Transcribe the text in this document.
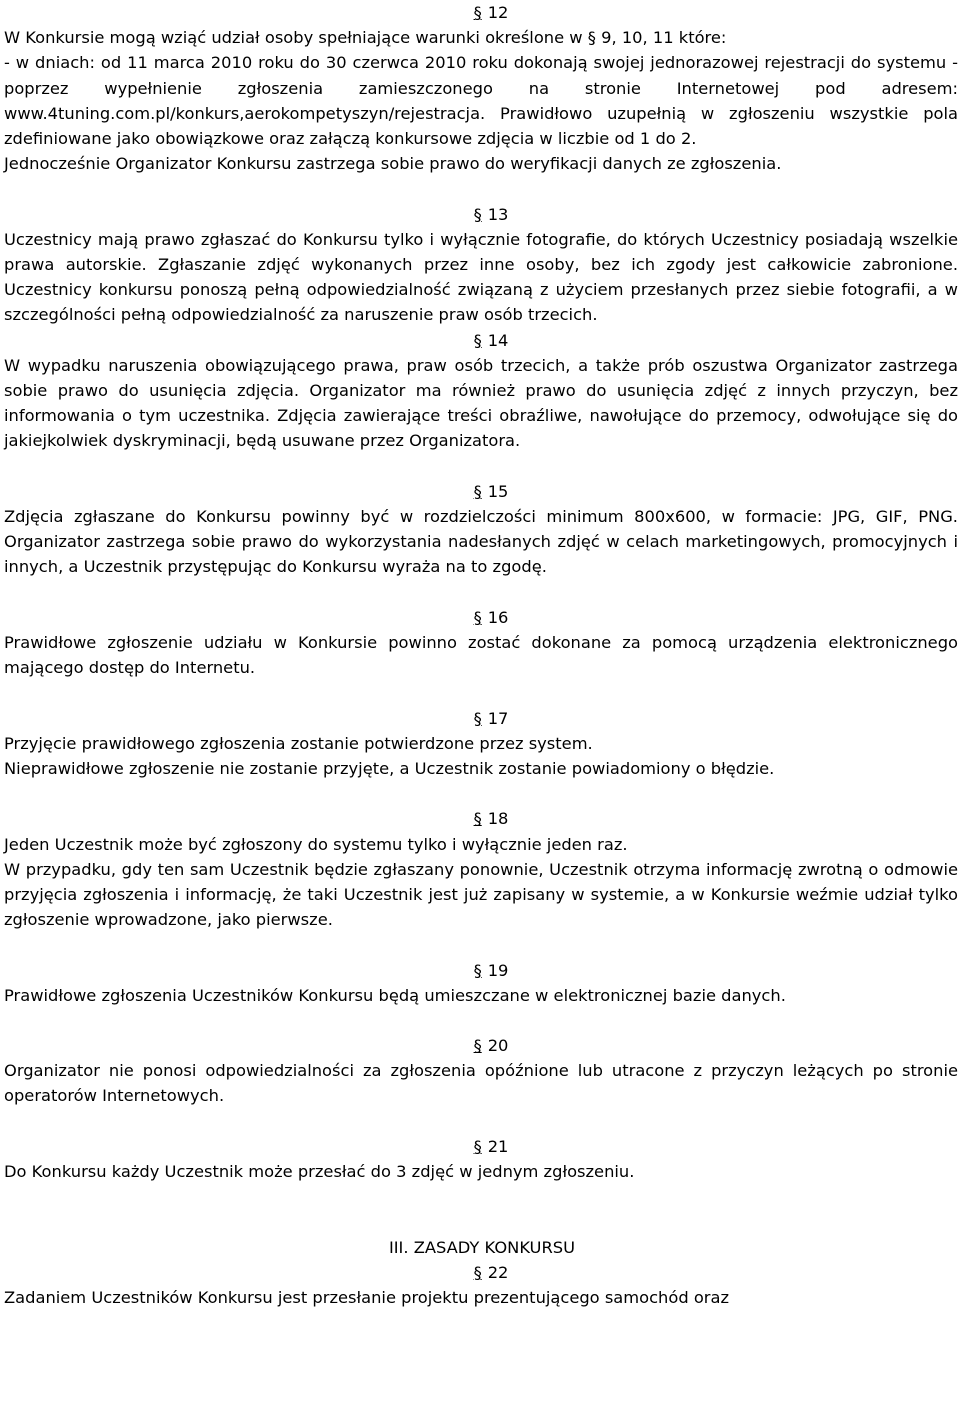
§ 12

W Konkursie mogą wziąć udział osoby spełniające warunki określone w § 9, 10, 11 które:

- w dniach: od 11 marca 2010 roku do 30 czerwca 2010 roku dokonają swojej jednorazowej rejestracji do systemu - poprzez wypełnienie zgłoszenia zamieszczonego na stronie Internetowej pod adresem: www.4tuning.com.pl/konkurs,aerokompetyszyn/rejestracja. Prawidłowo uzupełnią w zgłoszeniu wszystkie pola zdefiniowane jako obowiązkowe oraz załączą konkursowe zdjęcia w liczbie od 1 do 2.

Jednocześnie Organizator Konkursu zastrzega sobie prawo do weryfikacji danych ze zgłoszenia.

§ 13

Uczestnicy mają prawo zgłaszać do Konkursu tylko i wyłącznie fotografie, do których Uczestnicy posiadają wszelkie prawa autorskie. Zgłaszanie zdjęć wykonanych przez inne osoby, bez ich zgody jest całkowicie zabronione. Uczestnicy konkursu ponoszą pełną odpowiedzialność związaną z użyciem przesłanych przez siebie fotografii, a w szczególności pełną odpowiedzialność za naruszenie praw osób trzecich.

§ 14

W wypadku naruszenia obowiązującego prawa, praw osób trzecich, a także prób oszustwa Organizator zastrzega sobie prawo do usunięcia zdjęcia. Organizator ma również prawo do usunięcia zdjęć z innych przyczyn, bez informowania o tym uczestnika. Zdjęcia zawierające treści obraźliwe, nawołujące do przemocy, odwołujące się do jakiejkolwiek dyskryminacji, będą usuwane przez Organizatora.

§ 15

Zdjęcia zgłaszane do Konkursu powinny być w rozdzielczości minimum 800x600, w formacie: JPG, GIF, PNG. Organizator zastrzega sobie prawo do wykorzystania nadesłanych zdjęć w celach marketingowych, promocyjnych i innych, a Uczestnik przystępując do Konkursu wyraża na to zgodę.

§ 16

Prawidłowe zgłoszenie udziału w Konkursie powinno zostać dokonane za pomocą urządzenia elektronicznego mającego dostęp do Internetu.

§ 17

Przyjęcie prawidłowego zgłoszenia zostanie potwierdzone przez system.

Nieprawidłowe zgłoszenie nie zostanie przyjęte, a Uczestnik zostanie powiadomiony o błędzie.

§ 18

Jeden Uczestnik może być zgłoszony do systemu tylko i wyłącznie jeden raz.

W przypadku, gdy ten sam Uczestnik będzie zgłaszany ponownie, Uczestnik otrzyma informację zwrotną o odmowie przyjęcia zgłoszenia i informację, że taki Uczestnik jest już zapisany w systemie, a w Konkursie weźmie udział tylko zgłoszenie wprowadzone, jako pierwsze.

§ 19

Prawidłowe zgłoszenia Uczestników Konkursu będą umieszczane w elektronicznej bazie danych.

§ 20

Organizator nie ponosi odpowiedzialności za zgłoszenia opóźnione lub utracone z przyczyn leżących po stronie operatorów Internetowych.

§ 21

Do Konkursu każdy Uczestnik może przesłać do 3 zdjęć w jednym zgłoszeniu.

III. ZASADY KONKURSU

§ 22

Zadaniem Uczestników Konkursu jest przesłanie projektu prezentującego samochód oraz
